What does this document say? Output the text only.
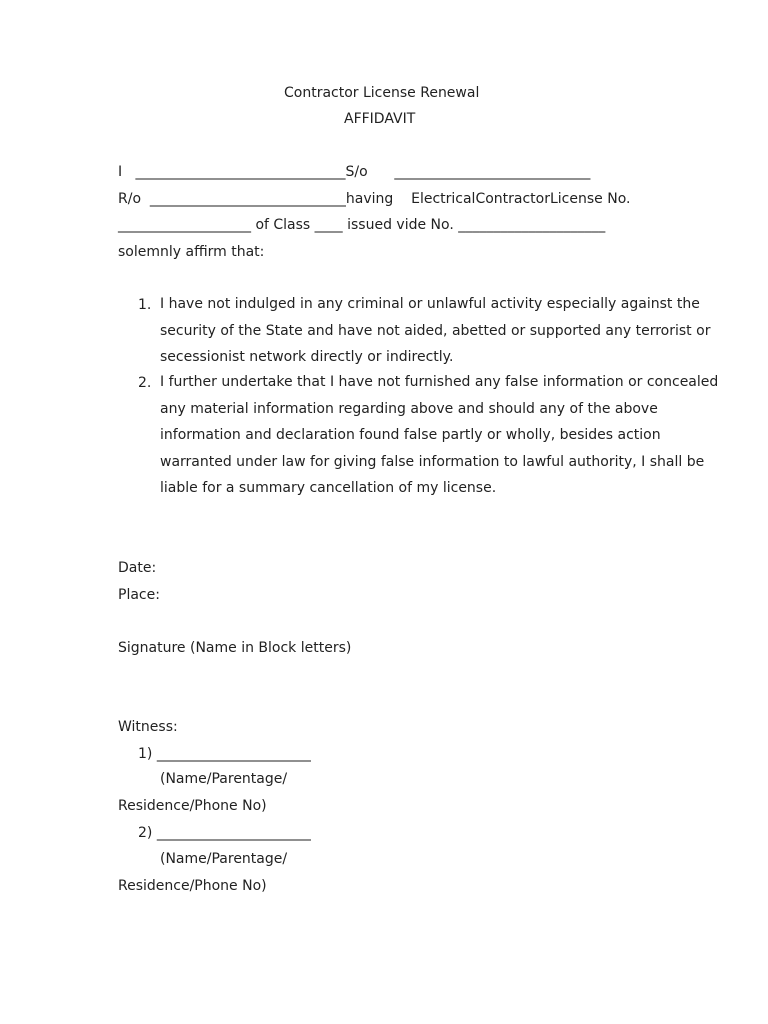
Contractor License Renewal
AFFIDAVIT
I   ______________________________S/o      ____________________________
R/o  ____________________________having    ElectricalContractorLicense No.
___________________ of Class ____ issued vide No. _____________________
solemnly affirm that:
1. I have not indulged in any criminal or unlawful activity especially against the security of the State and have not aided, abetted or supported any terrorist or secessionist network directly or indirectly.
2. I further undertake that I have not furnished any false information or concealed any material information regarding above and should any of the above information and declaration found false partly or wholly, besides action warranted under law for giving false information to lawful authority, I shall be liable for a summary cancellation of my license.
Date:
Place:
Signature (Name in Block letters)
Witness:
1) ______________________
(Name/Parentage/
Residence/Phone No)
2) ______________________
(Name/Parentage/
Residence/Phone No)
